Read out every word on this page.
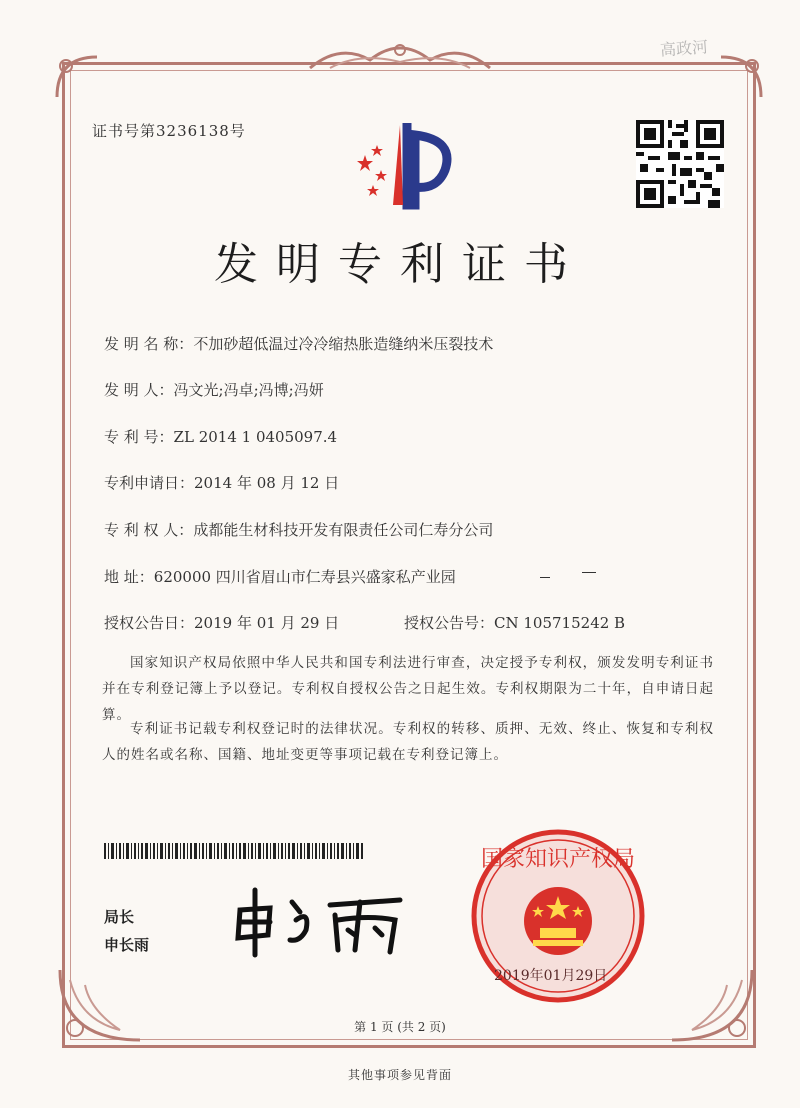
高政河
证书号第3236138号
发明专利证书
发 明 名 称：不加砂超低温过冷冷缩热胀造缝纳米压裂技术
发 明 人：冯文光;冯卓;冯博;冯妍
专 利 号：ZL 2014 1 0405097.4
专利申请日：2014 年 08 月 12 日
专 利 权 人：成都能生材科技开发有限责任公司仁寿分公司
地 址：620000 四川省眉山市仁寿县兴盛家私产业园
授权公告日：2019 年 01 月 29 日	授权公告号：CN 105715242 B
国家知识产权局依照中华人民共和国专利法进行审查，决定授予专利权，颁发发明专利证书并在专利登记簿上予以登记。专利权自授权公告之日起生效。专利权期限为二十年，自申请日起算。
专利证书记载专利权登记时的法律状况。专利权的转移、质押、无效、终止、恢复和专利权人的姓名或名称、国籍、地址变更等事项记载在专利登记簿上。
局长
申长雨
国家知识产权局
2019年01月29日
第 1 页 (共 2 页)
其他事项参见背面
